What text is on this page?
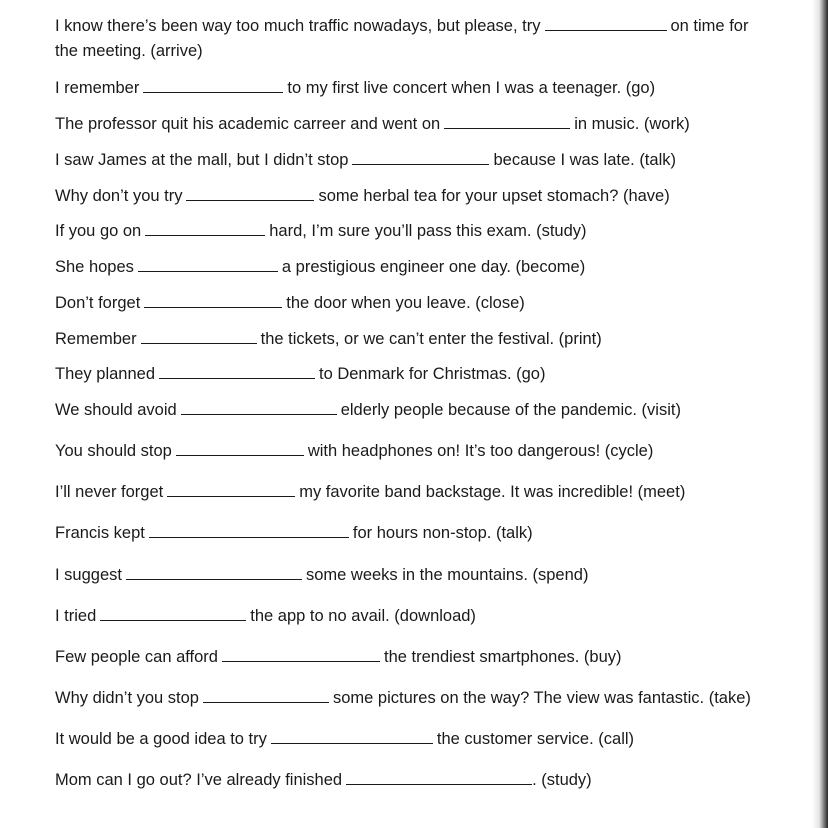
I know there’s been way too much traffic nowadays, but please, try	on time for
the meeting. (arrive)
I remember	to my first live concert when I was a teenager. (go)
The professor quit his academic carreer and went on	in music. (work)
I saw James at the mall, but I didn’t stop	because I was late. (talk)
Why don’t you try	some herbal tea for your upset stomach? (have)
If you go on	hard, I’m sure you’ll pass this exam. (study)
She hopes	a prestigious engineer one day. (become)
Don’t forget	the door when you leave. (close)
Remember	the tickets, or we can’t enter the festival. (print)
They planned	to Denmark for Christmas. (go)
We should avoid	elderly people because of the pandemic. (visit)
You should stop	with headphones on! It’s too dangerous! (cycle)
I’ll never forget	my favorite band backstage. It was incredible! (meet)
Francis kept	for hours non-stop. (talk)
I suggest	some weeks in the mountains. (spend)
I tried	the app to no avail. (download)
Few people can afford	the trendiest smartphones. (buy)
Why didn’t you stop	some pictures on the way? The view was fantastic. (take)
It would be a good idea to try	the customer service. (call)
Mom can I go out? I’ve already finished	. (study)
